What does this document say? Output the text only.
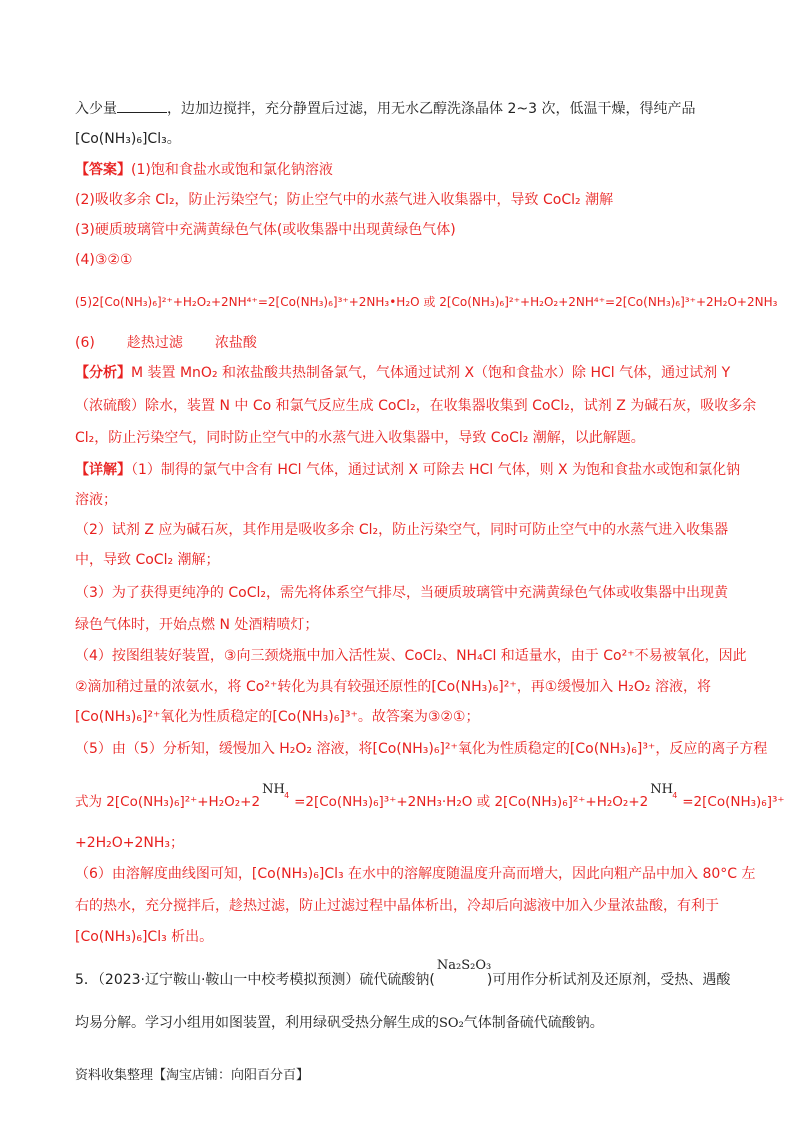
入少量	，边加边搅拌，充分静置后过滤，用无水乙醇洗涤晶体 2~3 次，低温干燥，得纯产品
[Co(NH₃)₆]Cl₃。
【答案】(1)饱和食盐水或饱和氯化钠溶液
(2)吸收多余 Cl₂，防止污染空气；防止空气中的水蒸气进入收集器中，导致 CoCl₂ 潮解
(3)硬质玻璃管中充满黄绿色气体(或收集器中出现黄绿色气体)
(4)③②①
(5)2[Co(NH₃)₆]²⁺+H₂O₂+2NH⁴⁺=2[Co(NH₃)₆]³⁺+2NH₃•H₂O 或 2[Co(NH₃)₆]²⁺+H₂O₂+2NH⁴⁺=2[Co(NH₃)₆]³⁺+2H₂O+2NH₃
(6) 趁热过滤 浓盐酸
【分析】M 装置 MnO₂ 和浓盐酸共热制备氯气，气体通过试剂 X（饱和食盐水）除 HCl 气体，通过试剂 Y
（浓硫酸）除水，装置 N 中 Co 和氯气反应生成 CoCl₂，在收集器收集到 CoCl₂，试剂 Z 为碱石灰，吸收多余
Cl₂，防止污染空气，同时防止空气中的水蒸气进入收集器中，导致 CoCl₂ 潮解，以此解题。
【详解】（1）制得的氯气中含有 HCl 气体，通过试剂 X 可除去 HCl 气体，则 X 为饱和食盐水或饱和氯化钠
溶液；
（2）试剂 Z 应为碱石灰，其作用是吸收多余 Cl₂，防止污染空气，同时可防止空气中的水蒸气进入收集器
中，导致 CoCl₂ 潮解；
（3）为了获得更纯净的 CoCl₂，需先将体系空气排尽，当硬质玻璃管中充满黄绿色气体或收集器中出现黄
绿色气体时，开始点燃 N 处酒精喷灯；
（4）按图组装好装置，③向三颈烧瓶中加入活性炭、CoCl₂、NH₄Cl 和适量水，由于 Co²⁺不易被氧化，因此
②滴加稍过量的浓氨水，将 Co²⁺转化为具有较强还原性的[Co(NH₃)₆]²⁺，再①缓慢加入 H₂O₂ 溶液，将
[Co(NH₃)₆]²⁺氧化为性质稳定的[Co(NH₃)₆]³⁺。故答案为③②①；
（5）由（5）分析知，缓慢加入 H₂O₂ 溶液，将[Co(NH₃)₆]²⁺氧化为性质稳定的[Co(NH₃)₆]³⁺，反应的离子方程
式为 2[Co(NH₃)₆]²⁺+H₂O₂+2
NH 4 =2[Co(NH₃)₆]³⁺+2NH₃·H₂O 或 2[Co(NH₃)₆]²⁺+H₂O₂+2
NH 4 =2[Co(NH₃)₆]³⁺
+2H₂O+2NH₃；
（6）由溶解度曲线图可知，[Co(NH₃)₆]Cl₃ 在水中的溶解度随温度升高而增大，因此向粗产品中加入 80°C 左
右的热水，充分搅拌后，趁热过滤，防止过滤过程中晶体析出，冷却后向滤液中加入少量浓盐酸，有利于
[Co(NH₃)₆]Cl₃ 析出。
5．（2023·辽宁鞍山·鞍山一中校考模拟预测）硫代硫酸钠(
Na₂S₂O₃
)可用作分析试剂及还原剂，受热、遇酸
均易分解。学习小组用如图装置，利用绿矾受热分解生成的SO₂气体制备硫代硫酸钠。
资料收集整理【淘宝店铺：向阳百分百】
